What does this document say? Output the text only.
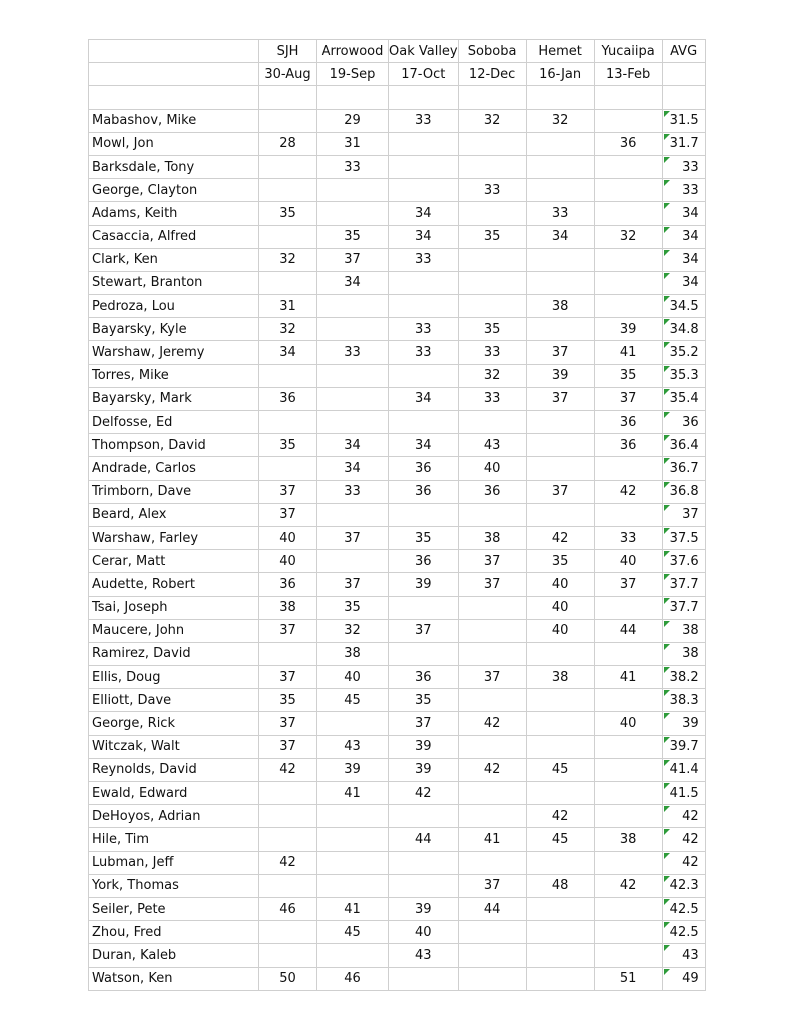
	SJH	Arrowood	Oak Valley	Soboba	Hemet	Yucaiipa	AVG
	30-Aug	19-Sep	17-Oct	12-Dec	16-Jan	13-Feb	

Mabashov, Mike		29	33	32	32		31.5
Mowl, Jon	28	31				36	31.7
Barksdale, Tony		33					33
George, Clayton				33			33
Adams, Keith	35		34		33		34
Casaccia, Alfred		35	34	35	34	32	34
Clark, Ken	32	37	33				34
Stewart, Branton		34					34
Pedroza, Lou	31				38		34.5
Bayarsky, Kyle	32		33	35		39	34.8
Warshaw, Jeremy	34	33	33	33	37	41	35.2
Torres, Mike				32	39	35	35.3
Bayarsky, Mark	36		34	33	37	37	35.4
Delfosse, Ed						36	36
Thompson, David	35	34	34	43		36	36.4
Andrade, Carlos		34	36	40			36.7
Trimborn, Dave	37	33	36	36	37	42	36.8
Beard, Alex	37						37
Warshaw, Farley	40	37	35	38	42	33	37.5
Cerar, Matt	40		36	37	35	40	37.6
Audette, Robert	36	37	39	37	40	37	37.7
Tsai, Joseph	38	35			40		37.7
Maucere, John	37	32	37		40	44	38
Ramirez, David		38					38
Ellis, Doug	37	40	36	37	38	41	38.2
Elliott, Dave	35	45	35				38.3
George, Rick	37		37	42		40	39
Witczak, Walt	37	43	39				39.7
Reynolds, David	42	39	39	42	45		41.4
Ewald, Edward		41	42				41.5
DeHoyos, Adrian					42		42
Hile, Tim			44	41	45	38	42
Lubman, Jeff	42						42
York, Thomas				37	48	42	42.3
Seiler, Pete	46	41	39	44			42.5
Zhou, Fred		45	40				42.5
Duran, Kaleb			43				43
Watson, Ken	50	46				51	49
